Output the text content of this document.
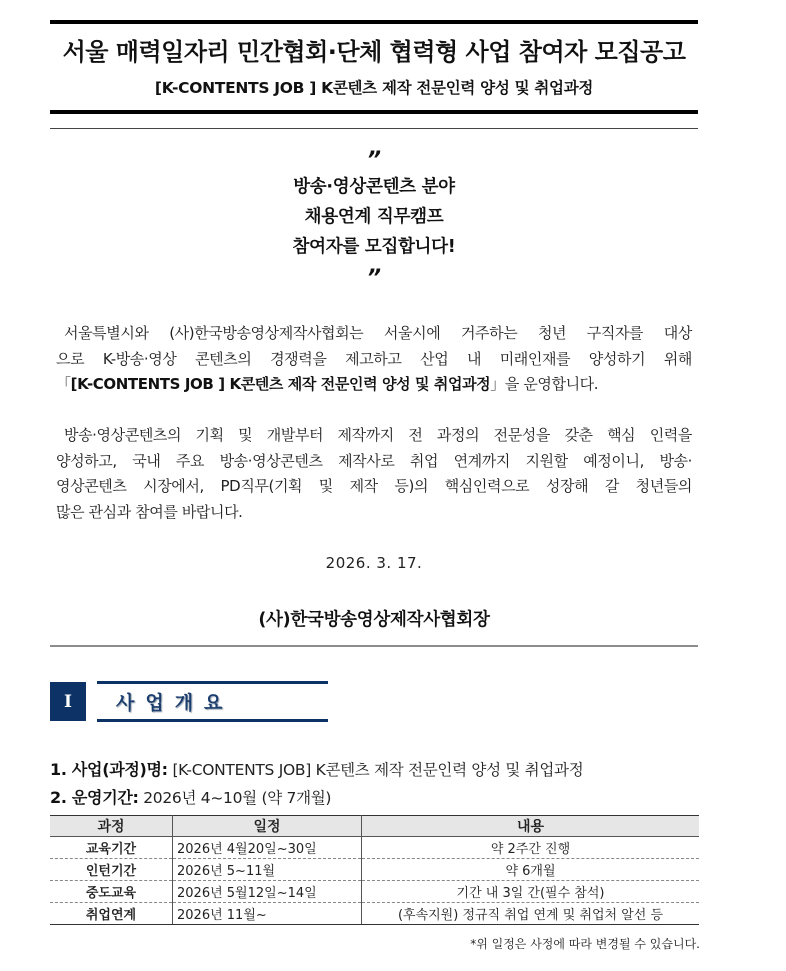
서울 매력일자리 민간협회·단체 협력형 사업 참여자 모집공고
[K-CONTENTS JOB ] K콘텐츠 제작 전문인력 양성 및 취업과정
”
방송·영상콘텐츠 분야
채용연계 직무캠프
참여자를 모집합니다!
”
서울특별시와 (사)한국방송영상제작사협회는 서울시에 거주하는 청년 구직자를 대상
으로 K-방송·영상 콘텐츠의 경쟁력을 제고하고 산업 내 미래인재를 양성하기 위해
「[K-CONTENTS JOB ] K콘텐츠 제작 전문인력 양성 및 취업과정」을 운영합니다.
방송·영상콘텐츠의 기획 및 개발부터 제작까지 전 과정의 전문성을 갖춘 핵심 인력을
양성하고, 국내 주요 방송·영상콘텐츠 제작사로 취업 연계까지 지원할 예정이니, 방송·
영상콘텐츠 시장에서, PD직무(기획 및 제작 등)의 핵심인력으로 성장해 갈 청년들의
많은 관심과 참여를 바랍니다.
2026. 3. 17.
(사)한국방송영상제작사협회장
I	사업개요
1. 사업(과정)명: [K-CONTENTS JOB] K콘텐츠 제작 전문인력 양성 및 취업과정
2. 운영기간: 2026년 4~10월 (약 7개월)
과정	일정	내용
교육기간	2026년 4월20일~30일	약 2주간 진행
인턴기간	2026년 5~11월	약 6개월
중도교육	2026년 5월12일~14일	기간 내 3일 간(필수 참석)
취업연계	2026년 11월~	(후속지원) 정규직 취업 연계 및 취업처 알선 등
*위 일정은 사정에 따라 변경될 수 있습니다.
